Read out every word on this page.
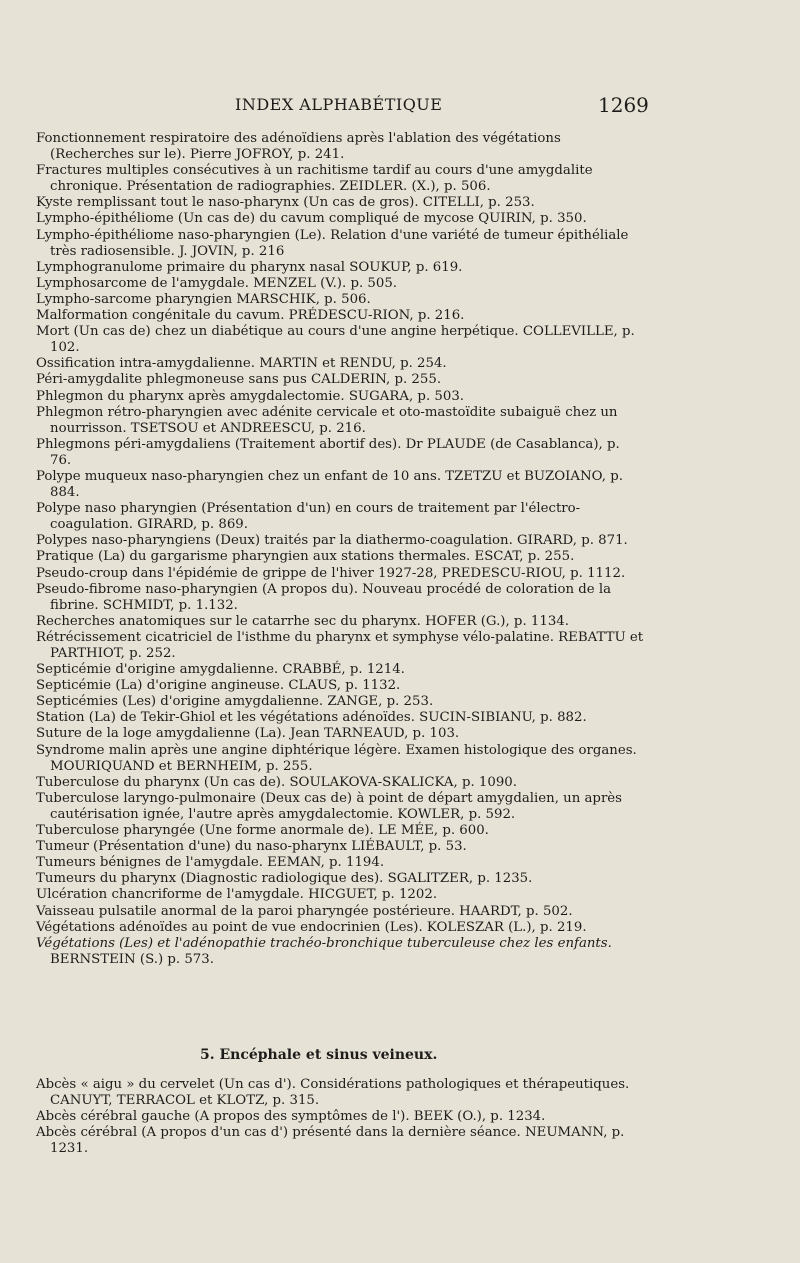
INDEX ALPHABÉTIQUE	1269
Fonctionnement respiratoire des adénoïdiens après l'ablation des végétations (Recherches sur le). Pierre JOFROY, p. 241.
Fractures multiples consécutives à un rachitisme tardif au cours d'une amygdalite chronique. Présentation de radiographies. ZEIDLER. (X.), p. 506.
Kyste remplissant tout le naso-pharynx (Un cas de gros). CITELLI, p. 253.
Lympho-épithéliome (Un cas de) du cavum compliqué de mycose QUIRIN, p. 350.
Lympho-épithéliome naso-pharyngien (Le). Relation d'une variété de tumeur épithéliale très radiosensible. J. JOVIN, p. 216
Lymphogranulome primaire du pharynx nasal SOUKUP, p. 619.
Lymphosarcome de l'amygdale. MENZEL (V.). p. 505.
Lympho-sarcome pharyngien MARSCHIK, p. 506.
Malformation congénitale du cavum. PRÉDESCU-RION, p. 216.
Mort (Un cas de) chez un diabétique au cours d'une angine herpétique. COLLEVILLE, p. 102.
Ossification intra-amygdalienne. MARTIN et RENDU, p. 254.
Péri-amygdalite phlegmoneuse sans pus CALDERIN, p. 255.
Phlegmon du pharynx après amygdalectomie. SUGARA, p. 503.
Phlegmon rétro-pharyngien avec adénite cervicale et oto-mastoïdite subaiguë chez un nourrisson. TSETSOU et ANDREESCU, p. 216.
Phlegmons péri-amygdaliens (Traitement abortif des). Dr PLAUDE (de Casablanca), p. 76.
Polype muqueux naso-pharyngien chez un enfant de 10 ans. TZETZU et BUZOIANO, p. 884.
Polype naso pharyngien (Présentation d'un) en cours de traitement par l'électro-coagulation. GIRARD, p. 869.
Polypes naso-pharyngiens (Deux) traités par la diathermo-coagulation. GIRARD, p. 871.
Pratique (La) du gargarisme pharyngien aux stations thermales. ESCAT, p. 255.
Pseudo-croup dans l'épidémie de grippe de l'hiver 1927-28, PREDESCU-RIOU, p. 1112.
Pseudo-fibrome naso-pharyngien (A propos du). Nouveau procédé de coloration de la fibrine. SCHMIDT, p. 1.132.
Recherches anatomiques sur le catarrhe sec du pharynx. HOFER (G.), p. 1134.
Rétrécissement cicatriciel de l'isthme du pharynx et symphyse vélo-palatine. REBATTU et PARTHIOT, p. 252.
Septicémie d'origine amygdalienne. CRABBÉ, p. 1214.
Septicémie (La) d'origine angineuse. CLAUS, p. 1132.
Septicémies (Les) d'origine amygdalienne. ZANGE, p. 253.
Station (La) de Tekir-Ghiol et les végétations adénoïdes. SUCIN-SIBIANU, p. 882.
Suture de la loge amygdalienne (La). Jean TARNEAUD, p. 103.
Syndrome malin après une angine diphtérique légère. Examen histologique des organes. MOURIQUAND et BERNHEIM, p. 255.
Tuberculose du pharynx (Un cas de). SOULAKOVA-SKALICKA, p. 1090.
Tuberculose laryngo-pulmonaire (Deux cas de) à point de départ amygdalien, un après cautérisation ignée, l'autre après amygdalectomie. KOWLER, p. 592.
Tuberculose pharyngée (Une forme anormale de). LE MÉE, p. 600.
Tumeur (Présentation d'une) du naso-pharynx LIÉBAULT, p. 53.
Tumeurs bénignes de l'amygdale. EEMAN, p. 1194.
Tumeurs du pharynx (Diagnostic radiologique des). SGALITZER, p. 1235.
Ulcération chancriforme de l'amygdale. HICGUET, p. 1202.
Vaisseau pulsatile anormal de la paroi pharyngée postérieure. HAARDT, p. 502.
Végétations adénoïdes au point de vue endocrinien (Les). KOLESZAR (L.), p. 219.
Végétations (Les) et l'adénopathie trachéo-bronchique tuberculeuse chez les enfants. BERNSTEIN (S.) p. 573.
5. Encéphale et sinus veineux.
Abcès « aigu » du cervelet (Un cas d'). Considérations pathologiques et thérapeutiques. CANUYT, TERRACOL et KLOTZ, p. 315.
Abcès cérébral gauche (A propos des symptômes de l'). BEEK (O.), p. 1234.
Abcès cérébral (A propos d'un cas d') présenté dans la dernière séance. NEUMANN, p. 1231.
